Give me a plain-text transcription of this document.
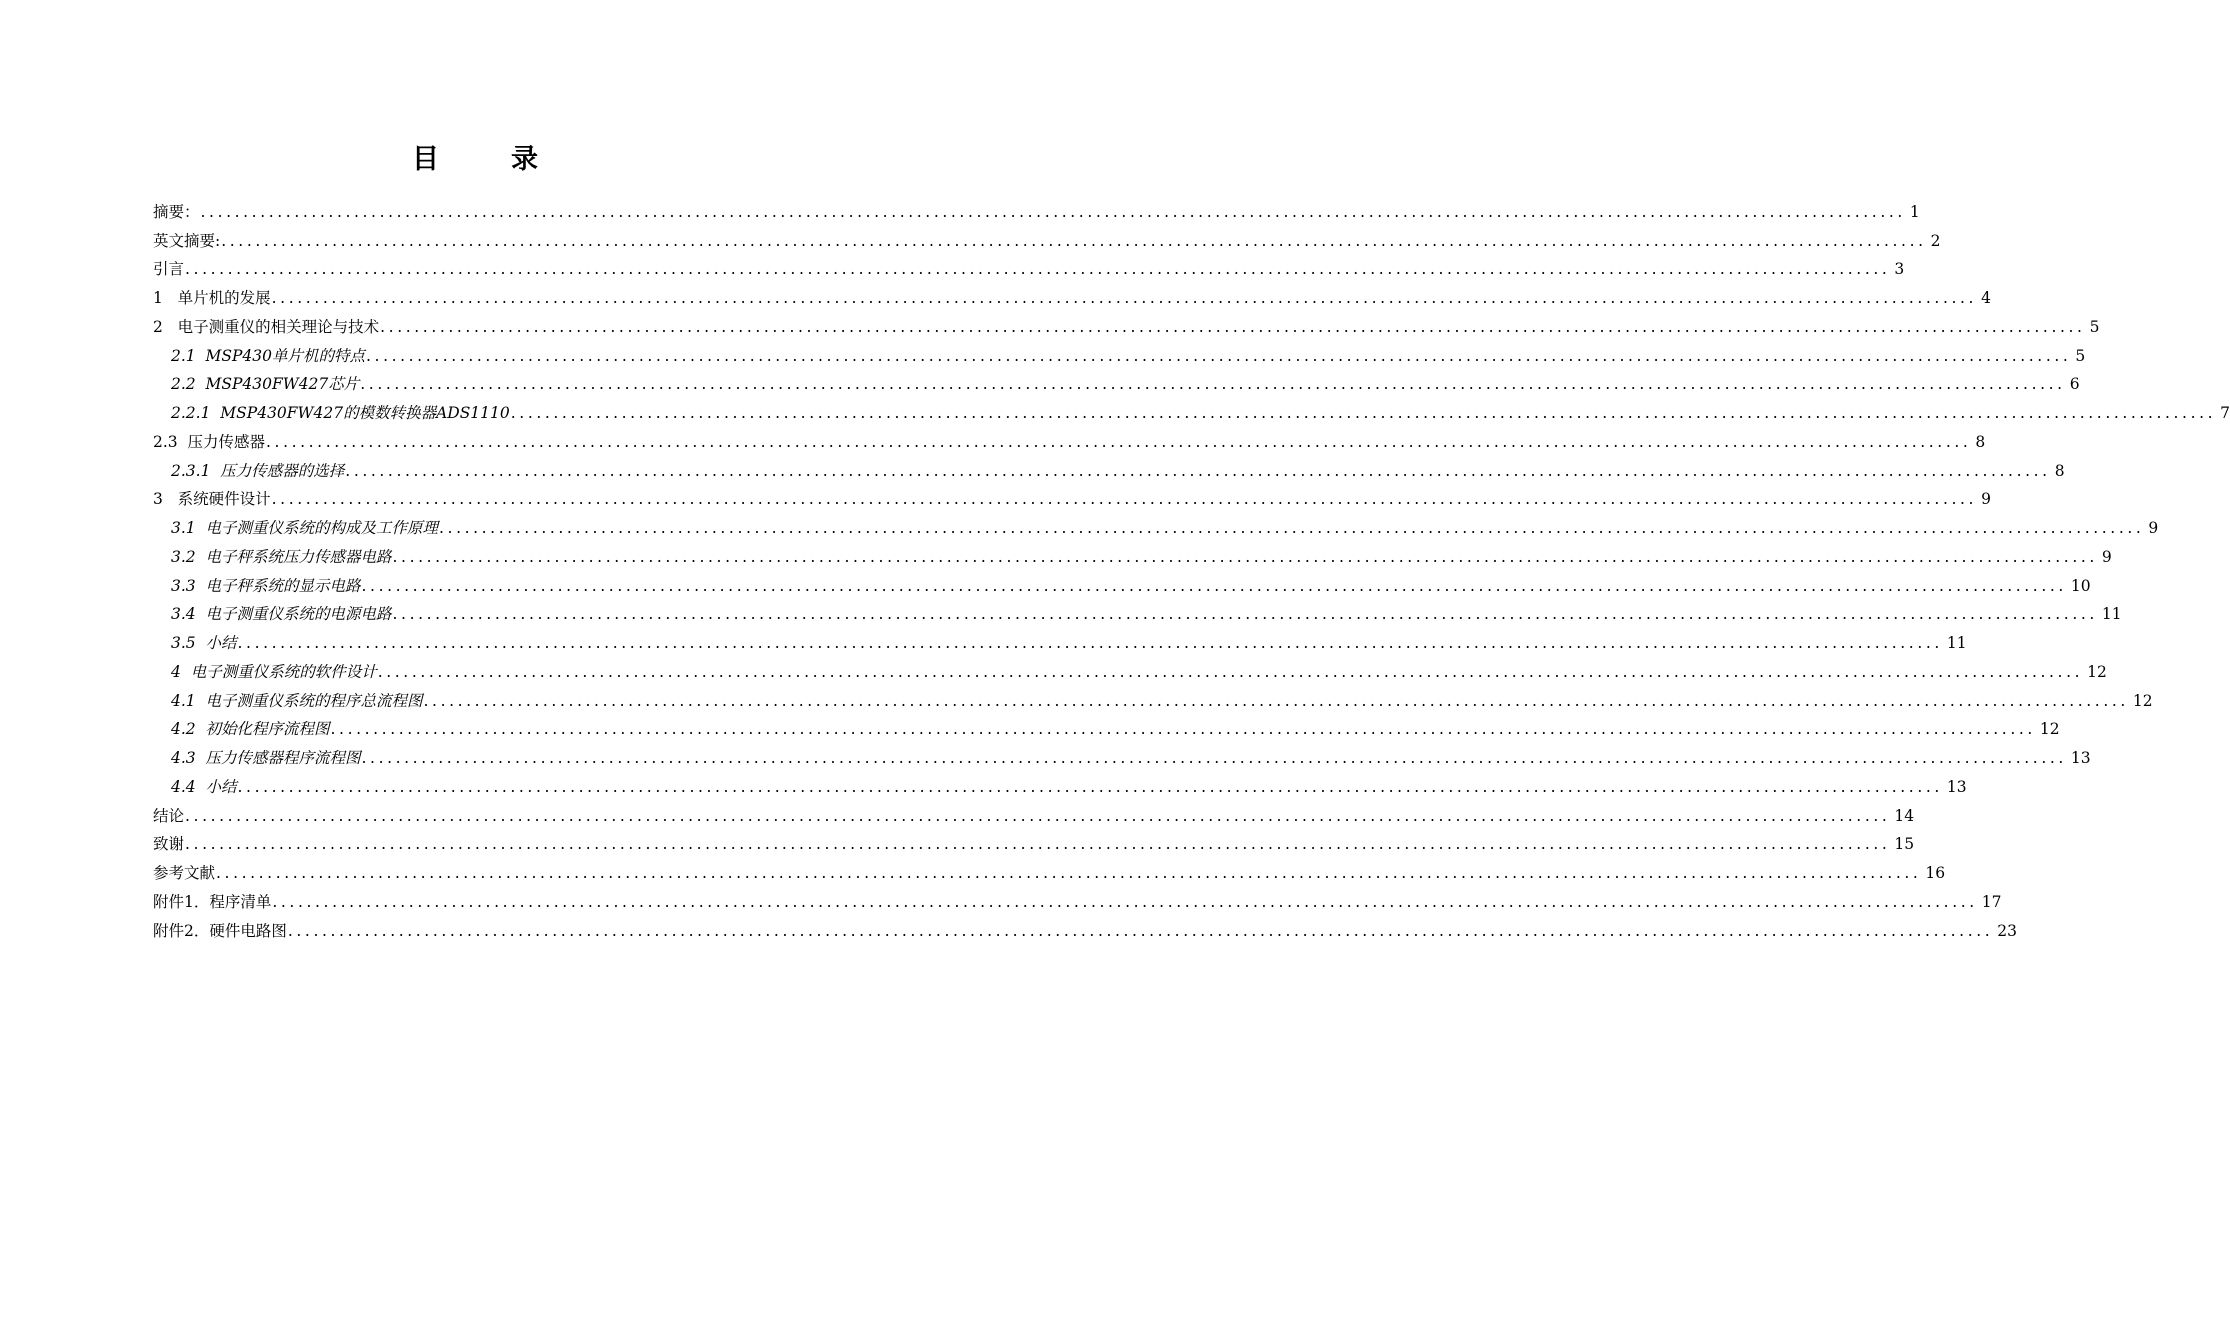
目	录
摘要： ........................................................................................................................................................................................................ 1
英文摘要: ........................................................................................................................................................................................................ 2
引言 ........................................................................................................................................................................................................ 3
1   单片机的发展 ........................................................................................................................................................................................................ 4
2   电子测重仪的相关理论与技术 ........................................................................................................................................................................................................ 5
2.1  MSP430单片机的特点 ........................................................................................................................................................................................................ 5
2.2  MSP430FW427芯片 ........................................................................................................................................................................................................ 6
2.2.1  MSP430FW427的模数转换器ADS1110 ........................................................................................................................................................................................................ 7
2.3  压力传感器 ........................................................................................................................................................................................................ 8
2.3.1  压力传感器的选择 ........................................................................................................................................................................................................ 8
3   系统硬件设计 ........................................................................................................................................................................................................ 9
3.1  电子测重仪系统的构成及工作原理 ........................................................................................................................................................................................................ 9
3.2  电子秤系统压力传感器电路 ........................................................................................................................................................................................................ 9
3.3  电子秤系统的显示电路 ........................................................................................................................................................................................................ 10
3.4  电子测重仪系统的电源电路 ........................................................................................................................................................................................................ 11
3.5  小结 ........................................................................................................................................................................................................ 11
4  电子测重仪系统的软件设计 ........................................................................................................................................................................................................ 12
4.1  电子测重仪系统的程序总流程图 ........................................................................................................................................................................................................ 12
4.2  初始化程序流程图 ........................................................................................................................................................................................................ 12
4.3  压力传感器程序流程图 ........................................................................................................................................................................................................ 13
4.4  小结 ........................................................................................................................................................................................................ 13
结论 ........................................................................................................................................................................................................ 14
致谢 ........................................................................................................................................................................................................ 15
参考文献 ........................................................................................................................................................................................................ 16
附件1．程序清单 ........................................................................................................................................................................................................ 17
附件2．硬件电路图 ........................................................................................................................................................................................................ 23
